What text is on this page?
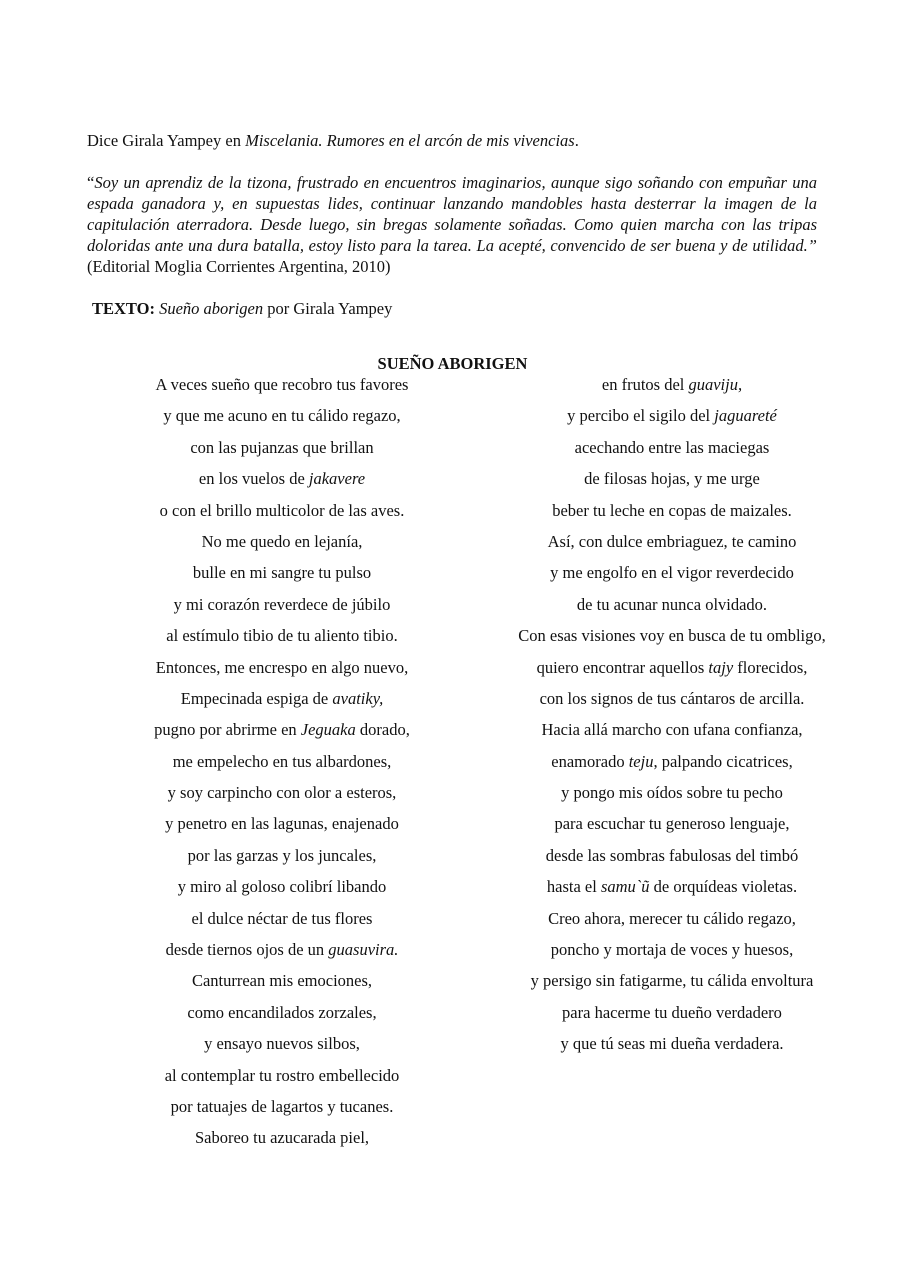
Dice Girala Yampey en Miscelania. Rumores en el arcón de mis vivencias.

“Soy un aprendiz de la tizona, frustrado en encuentros imaginarios, aunque sigo soñando con empuñar una espada ganadora y, en supuestas lides, continuar lanzando mandobles hasta desterrar la imagen de la capitulación aterradora. Desde luego, sin bregas solamente soñadas. Como quien marcha con las tripas doloridas ante una dura batalla, estoy listo para la tarea. La acepté, convencido de ser buena y de utilidad.” (Editorial Moglia Corrientes Argentina, 2010)

TEXTO: Sueño aborigen por Girala Yampey

SUEÑO ABORIGEN
A veces sueño que recobro tus favores
y que me acuno en tu cálido regazo,
con las pujanzas que brillan
en los vuelos de jakavere
o con el brillo multicolor de las aves.
No me quedo en lejanía,
bulle en mi sangre tu pulso
y mi corazón reverdece de júbilo
al estímulo tibio de tu aliento tibio.
Entonces, me encrespo en algo nuevo,
Empecinada espiga de avatiky,
pugno por abrirme en Jeguaka dorado,
me empelecho en tus albardones,
y soy carpincho con olor a esteros,
y penetro en las lagunas, enajenado
por las garzas y los juncales,
y miro al goloso colibrí libando
el dulce néctar de tus flores
desde tiernos ojos de un guasuvira.
Canturrean mis emociones,
como encandilados zorzales,
y ensayo nuevos silbos,
al contemplar tu rostro embellecido
por tatuajes de lagartos y tucanes.
Saboreo tu azucarada piel,
en frutos del guaviju,
y percibo el sigilo del jaguareté
acechando entre las maciegas
de filosas hojas, y me urge
beber tu leche en copas de maizales.
Así, con dulce embriaguez, te camino
y me engolfo en el vigor reverdecido
de tu acunar nunca olvidado.
Con esas visiones voy en busca de tu ombligo,
quiero encontrar aquellos tajy florecidos,
con los signos de tus cántaros de arcilla.
Hacia allá marcho con ufana confianza,
enamorado teju, palpando cicatrices,
y pongo mis oídos sobre tu pecho
para escuchar tu generoso lenguaje,
desde las sombras fabulosas del timbó
hasta el samu`ũ de orquídeas violetas.
Creo ahora, merecer tu cálido regazo,
poncho y mortaja de voces y huesos,
y persigo sin fatigarme, tu cálida envoltura
para hacerme tu dueño verdadero
y que tú seas mi dueña verdadera.
